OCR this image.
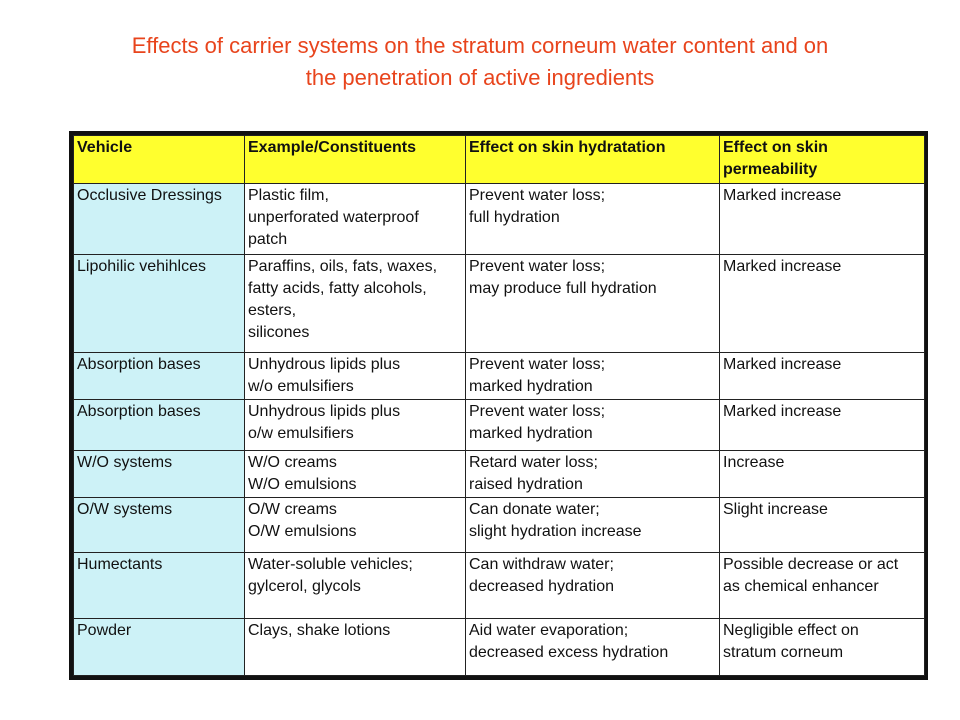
Effects of carrier systems on the stratum corneum water content and on
the penetration of active ingredients
Vehicle	Example/Constituents	Effect on skin hydratation	Effect on skin
permeability

Occlusive Dressings	Plastic film,
unperforated waterproof
patch	Prevent water loss;
full hydration	Marked increase

Lipohilic vehihlces	Paraffins, oils, fats, waxes,
fatty acids, fatty alcohols,
esters,
silicones	Prevent water loss;
may produce full hydration	Marked increase

Absorption bases	Unhydrous lipids plus
w/o emulsifiers	Prevent water loss;
marked hydration	Marked increase

Absorption bases	Unhydrous lipids plus
o/w emulsifiers	Prevent water loss;
marked hydration	Marked increase

W/O systems	W/O creams
W/O emulsions	Retard water loss;
raised hydration	Increase

O/W systems	O/W creams
O/W emulsions	Can donate water;
slight hydration increase	Slight increase

Humectants	Water-soluble vehicles;
gylcerol, glycols	Can withdraw water;
decreased hydration	Possible decrease or act
as chemical enhancer

Powder	Clays, shake lotions	Aid water evaporation;
decreased excess hydration	Negligible effect on
stratum corneum
